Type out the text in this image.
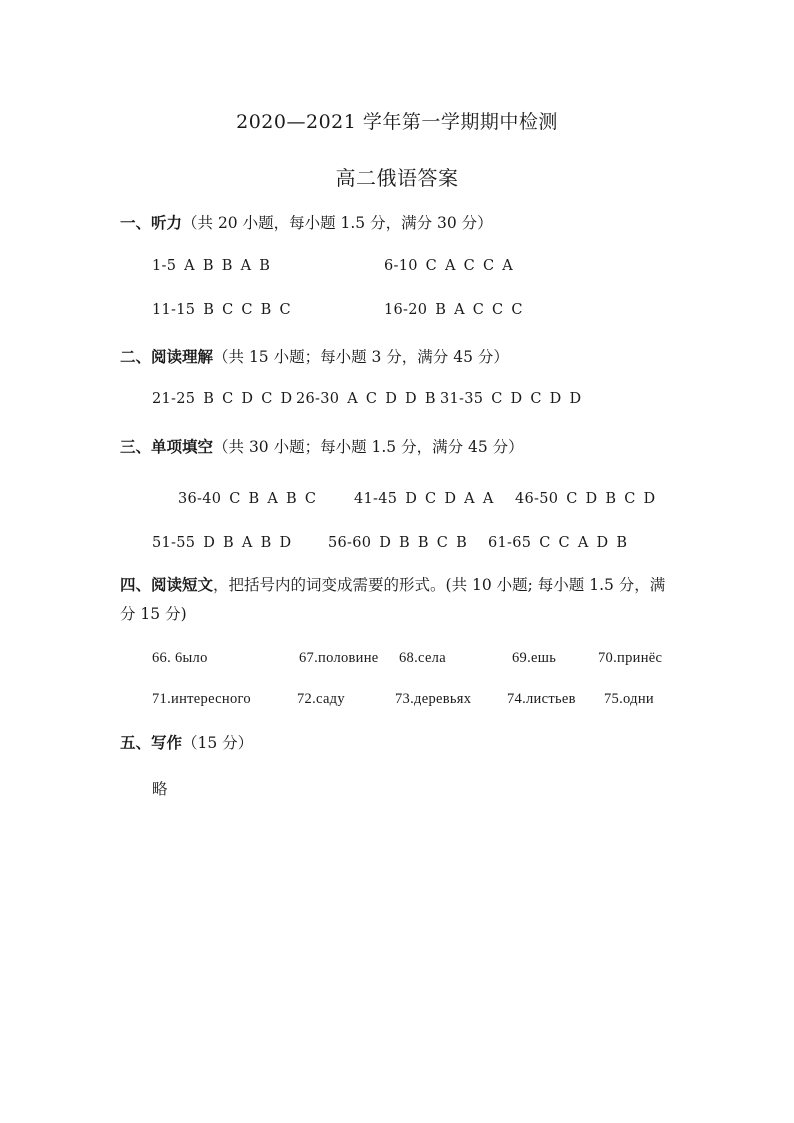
2020—2021 学年第一学期期中检测
高二俄语答案
一、听力（共 20 小题，每小题 1.5 分，满分 30 分）
1-5 A B B A B	6-10 C A C C A
11-15 B C C B C	16-20 B A C C C
二、阅读理解（共 15 小题；每小题 3 分，满分 45 分）
21-25 B C D C D 26-30 A C D D B 31-35 C D C D D
三、单项填空（共 30 小题；每小题 1.5 分，满分 45 分）
36-40 C B A B C	41-45 D C D A A 46-50 C D B C D
51-55 D B A B D	56-60 D B B C B 61-65 C C A D B
四、阅读短文，把括号内的词变成需要的形式。(共 10 小题; 每小题 1.5 分，满分 15 分)
66. 6ыло	67.половине 68.села	69.ешь	70.принёс
71.интересного	72.саду	73.деревьях 74.листьев 75.одни
五、写作（15 分）
略
